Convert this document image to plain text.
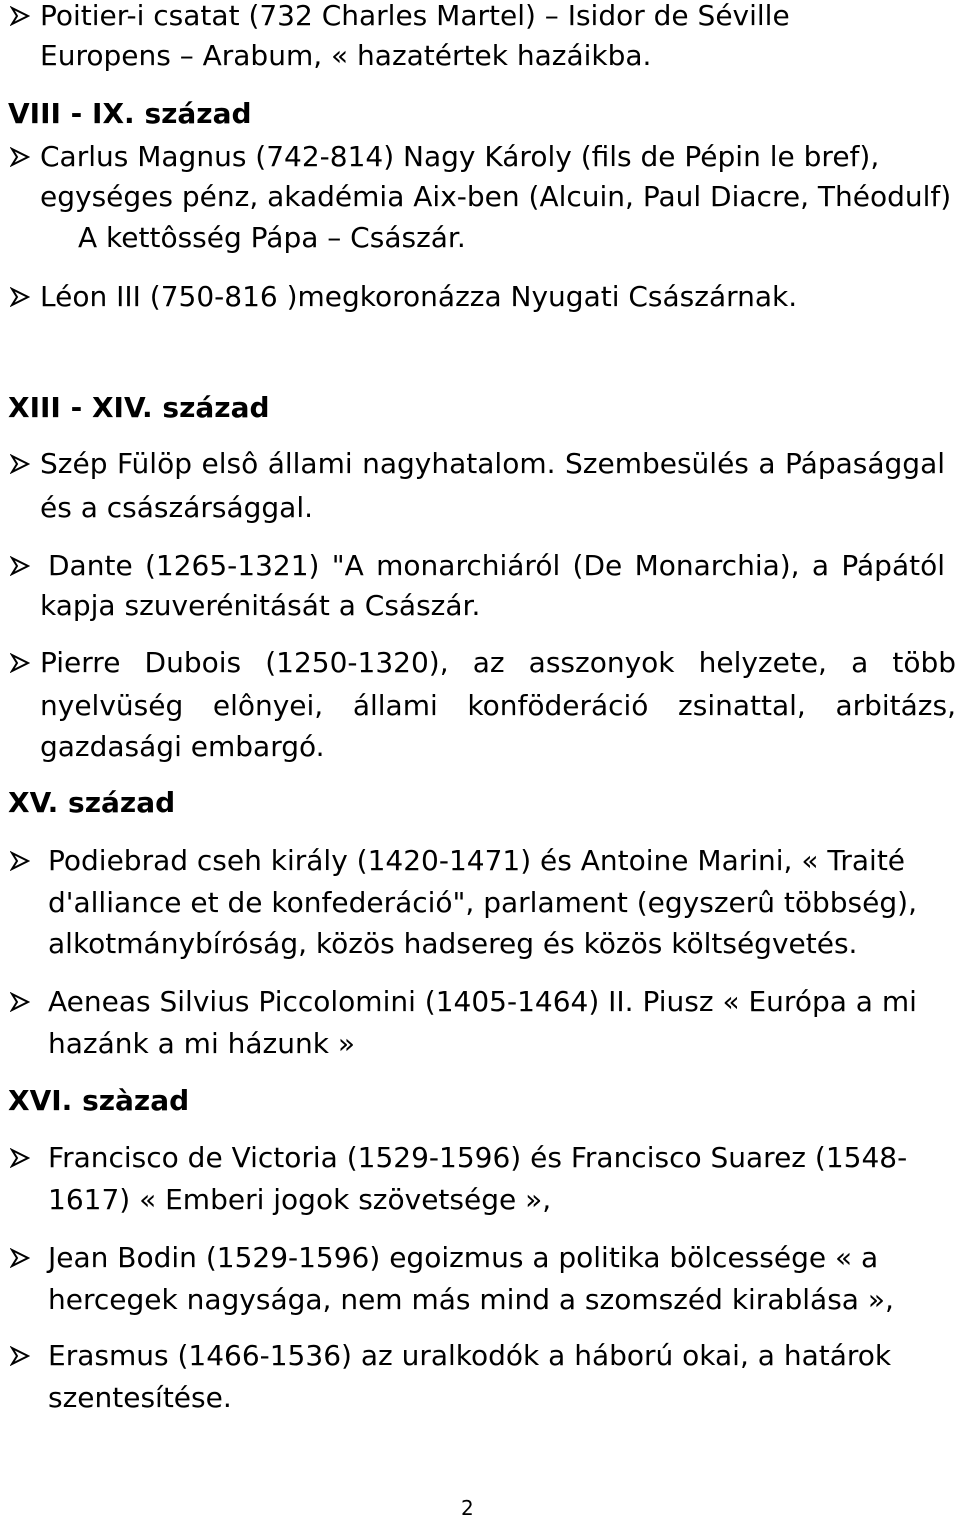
Poitier-i csatat (732 Charles Martel) – Isidor de Séville
Europens – Arabum, « hazatértek hazáikba.
VIII - IX. század
Carlus Magnus (742-814) Nagy Károly (fils de Pépin le bref),
egységes pénz, akadémia Aix-ben (Alcuin, Paul Diacre, Théodulf)
A kettôsség Pápa – Császár.
Léon III (750-816 )megkoronázza Nyugati Császárnak.
XIII - XIV. század
Szép Fülöp elsô állami nagyhatalom. Szembesülés a Pápasággal
és a császársággal.
Dante (1265-1321) "A monarchiáról (De Monarchia), a Pápától
kapja szuverénitását a Császár.
Pierre Dubois (1250-1320), az asszonyok helyzete, a több
nyelvüség elônyei, állami konföderáció zsinattal, arbitázs,
gazdasági embargó.
XV. század
Podiebrad cseh király (1420-1471) és Antoine Marini, « Traité
d'alliance et de konfederáció", parlament (egyszerû többség),
alkotmánybíróság, közös hadsereg és közös költségvetés.
Aeneas Silvius Piccolomini (1405-1464) II. Piusz « Európa a mi
hazánk a mi házunk »
XVI. szàzad
Francisco de Victoria (1529-1596) és Francisco Suarez (1548-
1617) « Emberi jogok szövetsége »,
Jean Bodin (1529-1596) egoizmus a politika bölcessége « a
hercegek nagysága, nem más mind a szomszéd kirablása »,
Erasmus (1466-1536) az uralkodók a háború okai, a határok
szentesítése.
2
